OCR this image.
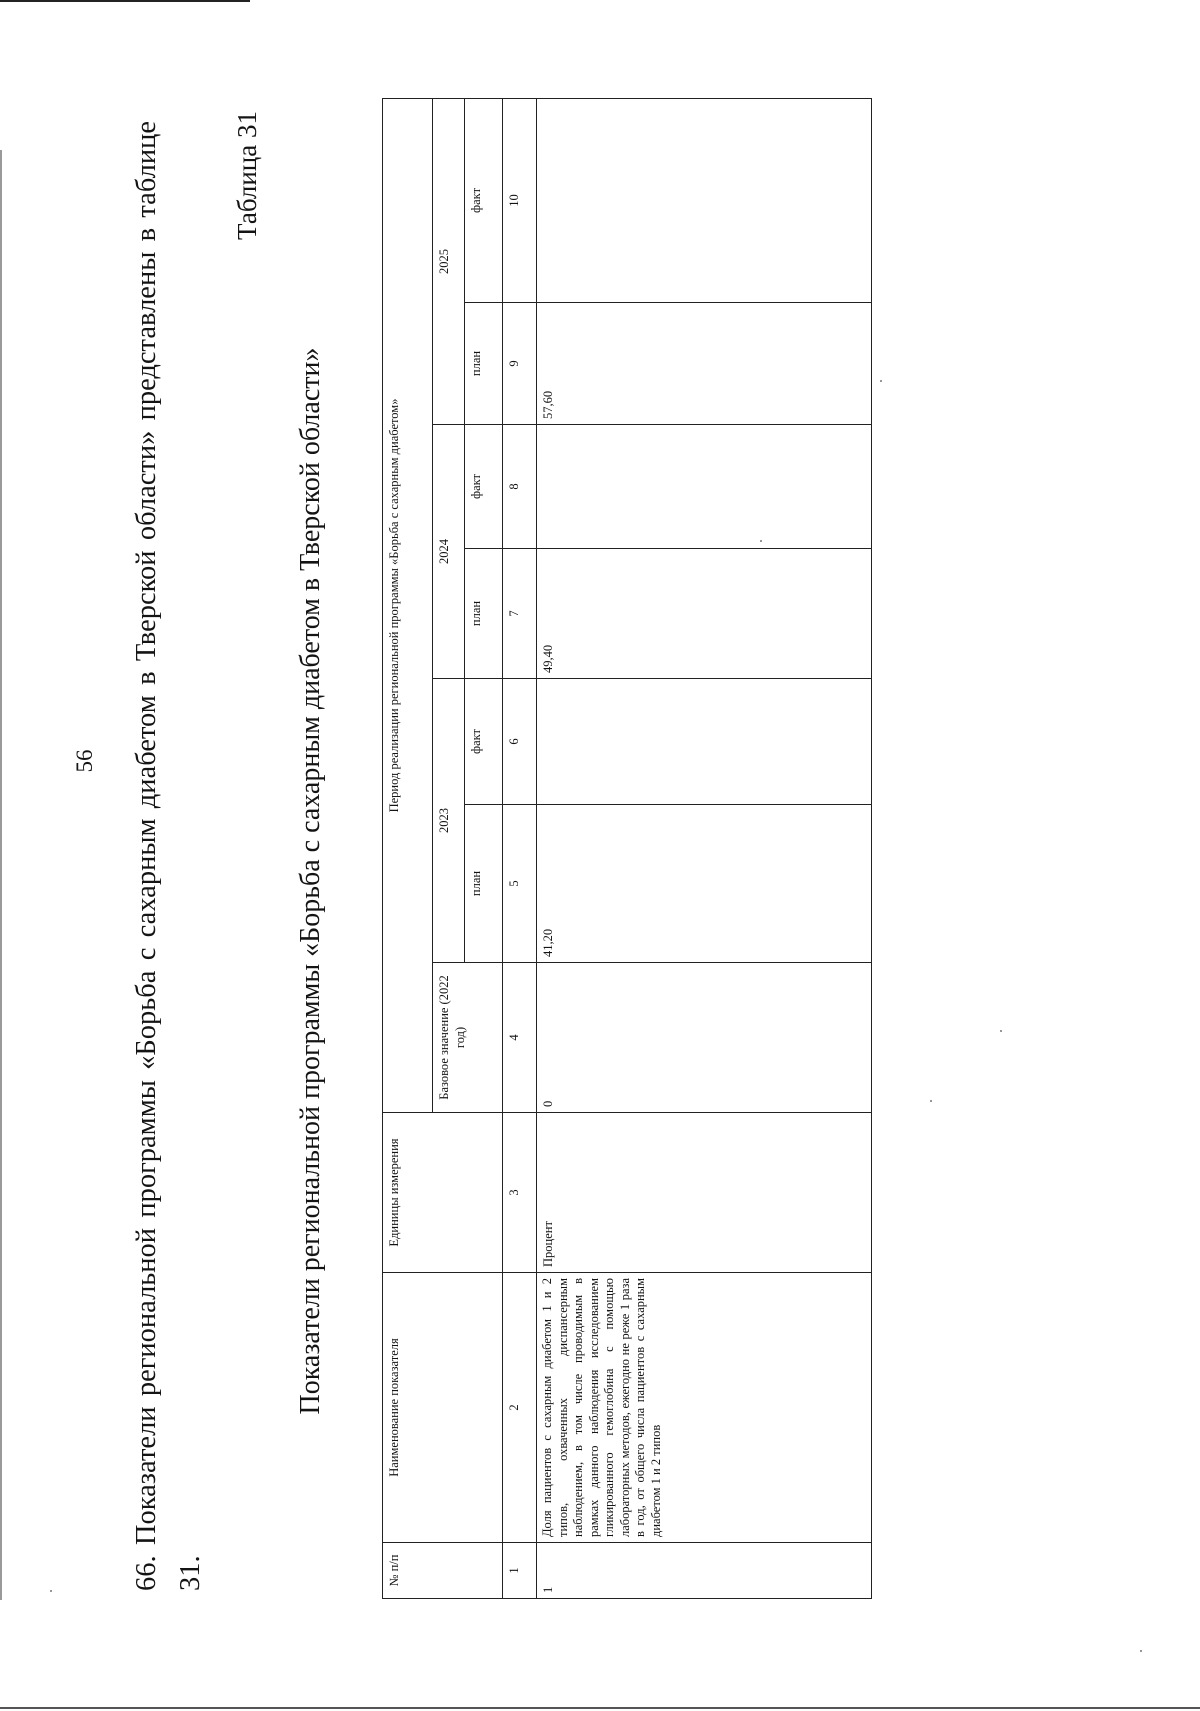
56 66. Показатели региональной программы «Борьба с сахарным диабетом в Тверской области» представлены в таблице 31.
Таблица 31
Показатели региональной программы «Борьба с сахарным диабетом в Тверской области»
№ п/п	Наименование показателя	Единицы измерения	Период реализации региональной программы «Борьба с сахарным диабетом»						
			Базовое значение (2022 год)	2023		2024		2025	
				план	факт	план	факт	план	факт
1	2	3	4	5	6	7	8	9	10
1	Доля пациентов с сахарным диабетом 1 и 2 типов, охваченных диспансерным наблюдением, в том числе проводимым в рамках данного наблюдения исследованием гликированного гемоглобина с помощью лабораторных методов, ежегодно не реже 1 раза в год, от общего числа пациентов с сахарным диабетом 1 и 2 типов	Процент	0	41,20		49,40		57,60	
